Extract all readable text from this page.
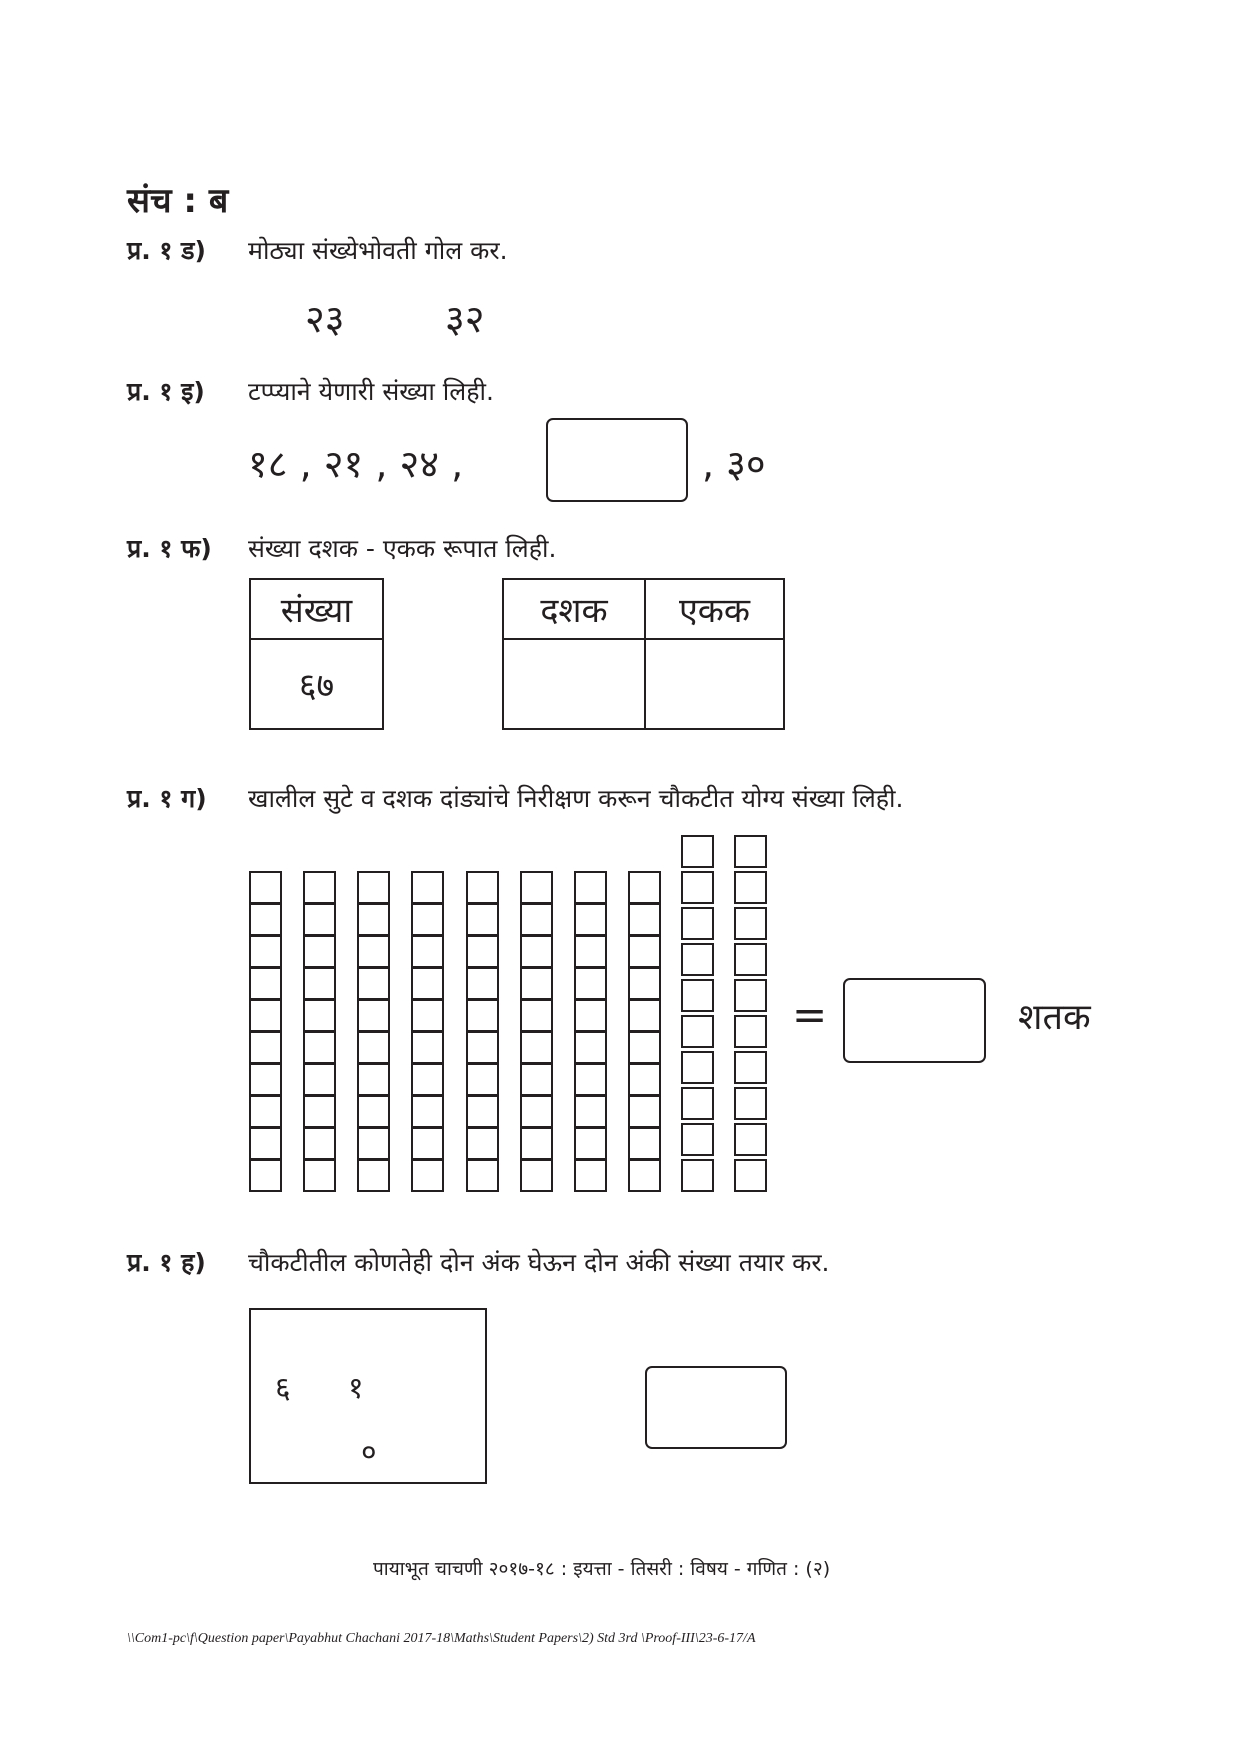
संच : ब
प्र. १ ड) मोठ्या संख्येभोवती गोल कर.
२३	३२
प्र. १ इ) टप्प्याने येणारी संख्या लिही.
१८ , २१ , २४ ,	, ३०
प्र. १ फ) संख्या दशक - एकक रूपात लिही.
संख्या
६७
दशक एकक
प्र. १ ग) खालील सुटे व दशक दांड्यांचे निरीक्षण करून चौकटीत योग्य संख्या लिही.
=	शतक
प्र. १ ह) चौकटीतील कोणतेही दोन अंक घेऊन दोन अंकी संख्या तयार कर.
६ १
०
पायाभूत चाचणी २०१७-१८ : इयत्ता - तिसरी : विषय - गणित : (२)
\\Com1-pc\f\Question paper\Payabhut Chachani 2017-18\Maths\Student Papers\2) Std 3rd \Proof-III\23-6-17/A
